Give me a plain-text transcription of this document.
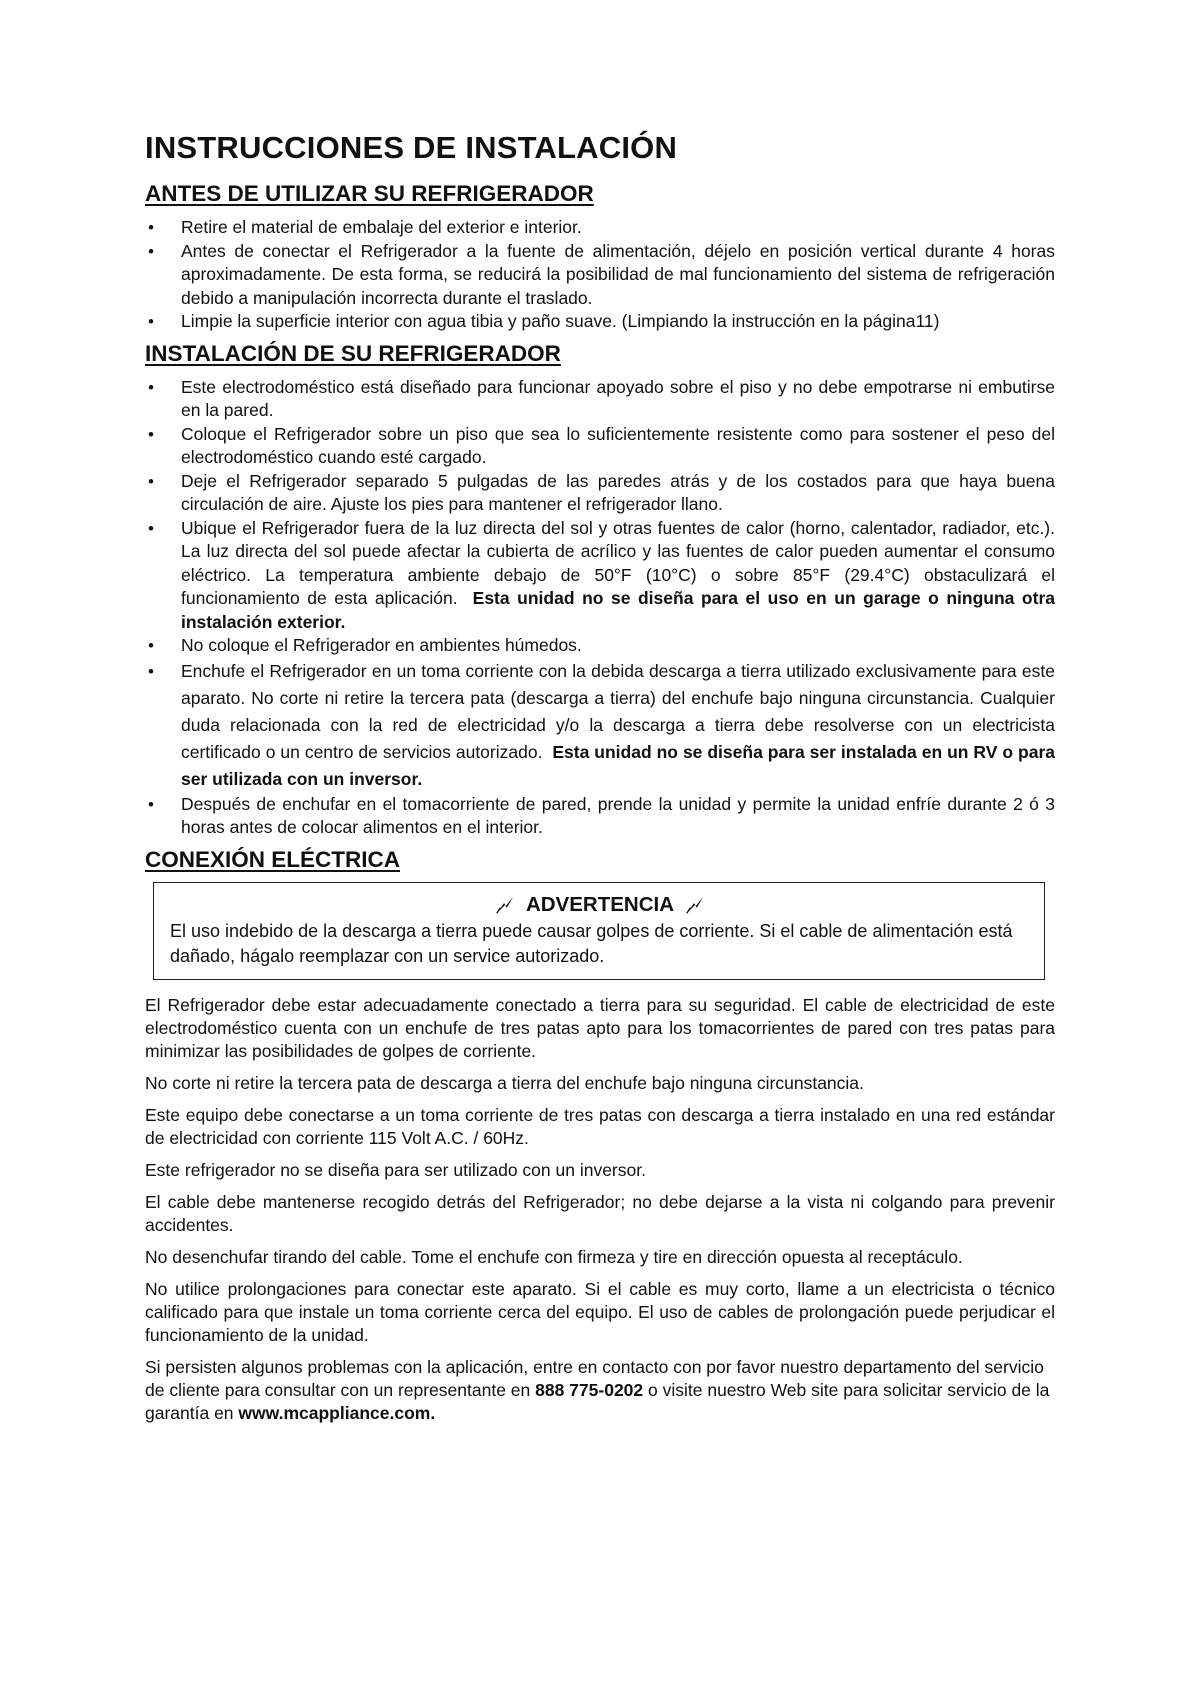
INSTRUCCIONES DE INSTALACIÓN
ANTES DE UTILIZAR SU REFRIGERADOR
• Retire el material de embalaje del exterior e interior.
• Antes de conectar el Refrigerador a la fuente de alimentación, déjelo en posición vertical durante 4 horas aproximadamente. De esta forma, se reducirá la posibilidad de mal funcionamiento del sistema de refrigeración debido a manipulación incorrecta durante el traslado.
• Limpie la superficie interior con agua tibia y paño suave. (Limpiando la instrucción en la página11)
INSTALACIÓN DE SU REFRIGERADOR
• Este electrodoméstico está diseñado para funcionar apoyado sobre el piso y no debe empotrarse ni embutirse en la pared.
• Coloque el Refrigerador sobre un piso que sea lo suficientemente resistente como para sostener el peso del electrodoméstico cuando esté cargado.
• Deje el Refrigerador separado 5 pulgadas de las paredes atrás y de los costados para que haya buena circulación de aire. Ajuste los pies para mantener el refrigerador llano.
• Ubique el Refrigerador fuera de la luz directa del sol y otras fuentes de calor (horno, calentador, radiador, etc.). La luz directa del sol puede afectar la cubierta de acrílico y las fuentes de calor pueden aumentar el consumo eléctrico. La temperatura ambiente debajo de 50°F (10°C) o sobre 85°F (29.4°C) obstaculizará el funcionamiento de esta aplicación. Esta unidad no se diseña para el uso en un garage o ninguna otra instalación exterior.
• No coloque el Refrigerador en ambientes húmedos.
• Enchufe el Refrigerador en un toma corriente con la debida descarga a tierra utilizado exclusivamente para este aparato. No corte ni retire la tercera pata (descarga a tierra) del enchufe bajo ninguna circunstancia. Cualquier duda relacionada con la red de electricidad y/o la descarga a tierra debe resolverse con un electricista certificado o un centro de servicios autorizado. Esta unidad no se diseña para ser instalada en un RV o para ser utilizada con un inversor.
• Después de enchufar en el tomacorriente de pared, prende la unidad y permite la unidad enfríe durante 2 ó 3 horas antes de colocar alimentos en el interior.
CONEXIÓN ELÉCTRICA
ADVERTENCIA
El uso indebido de la descarga a tierra puede causar golpes de corriente. Si el cable de alimentación está dañado, hágalo reemplazar con un service autorizado.

El Refrigerador debe estar adecuadamente conectado a tierra para su seguridad. El cable de electricidad de este electrodoméstico cuenta con un enchufe de tres patas apto para los tomacorrientes de pared con tres patas para minimizar las posibilidades de golpes de corriente.

No corte ni retire la tercera pata de descarga a tierra del enchufe bajo ninguna circunstancia.

Este equipo debe conectarse a un toma corriente de tres patas con descarga a tierra instalado en una red estándar de electricidad con corriente 115 Volt A.C. / 60Hz.

Este refrigerador no se diseña para ser utilizado con un inversor.

El cable debe mantenerse recogido detrás del Refrigerador; no debe dejarse a la vista ni colgando para prevenir accidentes.

No desenchufar tirando del cable. Tome el enchufe con firmeza y tire en dirección opuesta al receptáculo.

No utilice prolongaciones para conectar este aparato. Si el cable es muy corto, llame a un electricista o técnico calificado para que instale un toma corriente cerca del equipo. El uso de cables de prolongación puede perjudicar el funcionamiento de la unidad.

Si persisten algunos problemas con la aplicación, entre en contacto con por favor nuestro departamento del servicio de cliente para consultar con un representante en 888 775-0202 o visite nuestro Web site para solicitar servicio de la garantía en www.mcappliance.com.
